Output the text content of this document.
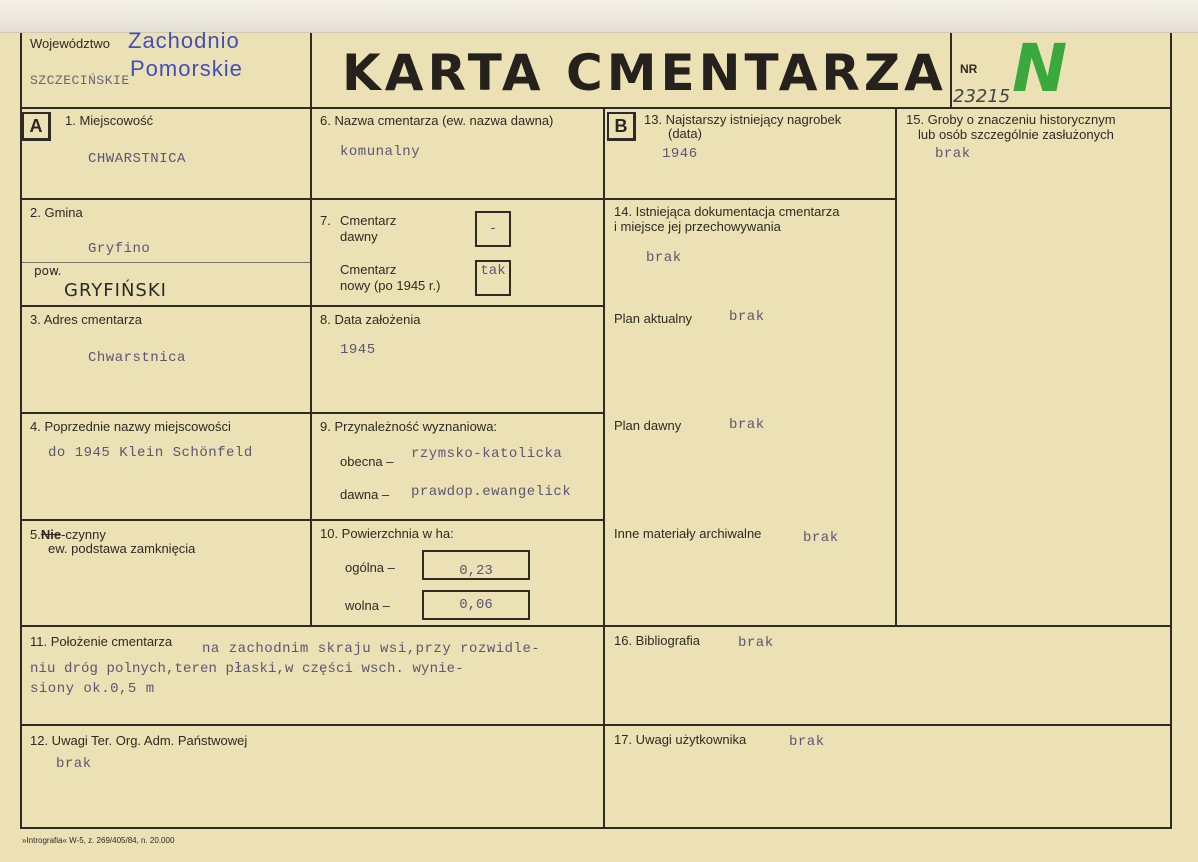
Województwo
SZCZECIŃSKIE
Zachodnio
Pomorskie KARTA CMENTARZA NR
23215 N
A	1. Miejscowość
CHWARSTNICA
2. Gmina
Gryfino
pow.
GRYFIŃSKI
3. Adres cmentarza
Chwarstnica
4. Poprzednie nazwy miejscowości
do 1945 Klein Schönfeld
5.Nie-czynny
ew. podstawa zamknięcia
6. Nazwa cmentarza (ew. nazwa dawna)
komunalny
7. Cmentarz
dawny	-
Cmentarz
nowy (po 1945 r.)
tak
8. Data założenia
1945
9. Przynależność wyznaniowa:
obecna – rzymsko-katolicka
dawna – prawdop.ewangelick
10. Powierzchnia w ha:
ogólna –	0,23
wolna –	0,06
11. Położenie cmentarza na zachodnim skraju wsi,przy rozwidle-
niu dróg polnych,teren płaski,w części wsch. wynie-
siony ok.0,5 m
12. Uwagi Ter. Org. Adm. Państwowej
brak
B	13. Najstarszy istniejący nagrobek
(data)
1946
14. Istniejąca dokumentacja cmentarza
i miejsce jej przechowywania
brak
Plan aktualny	brak
Plan dawny	brak
Inne materiały archiwalne	brak
15. Groby o znaczeniu historycznym
lub osób szczególnie zasłużonych
brak
16. Bibliografia	brak
17. Uwagi użytkownika	brak
»Intrografia« W-5, z. 269/405/84, n. 20.000
